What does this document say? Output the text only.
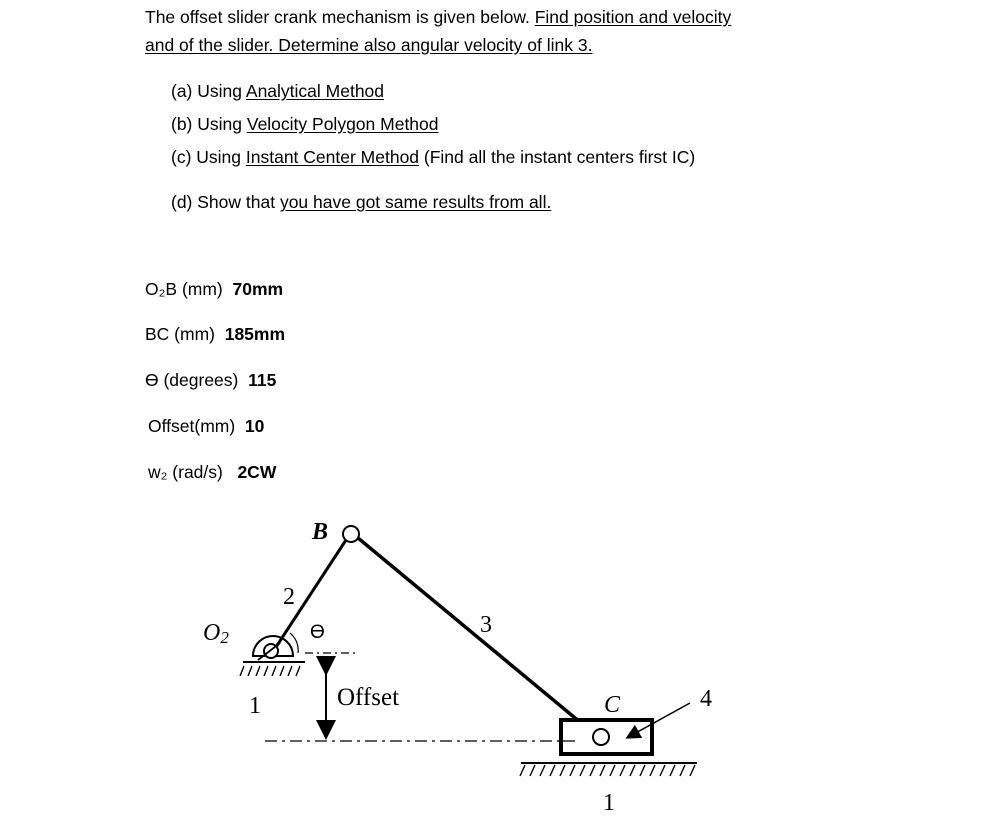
The offset slider crank mechanism is given below. Find position and velocity
and of the slider. Determine also angular velocity of link 3.
(a) Using Analytical Method
(b) Using Velocity Polygon Method
(c) Using Instant Center Method (Find all the instant centers first IC)
(d) Show that you have got same results from all.
O₂B (mm) 70mm
BC (mm) 185mm
ϴ (degrees) 115
Offset(mm) 10
w₂ (rad/s) 2CW
B
2
3
4
O2	ϴ
1	Offset	C
1
